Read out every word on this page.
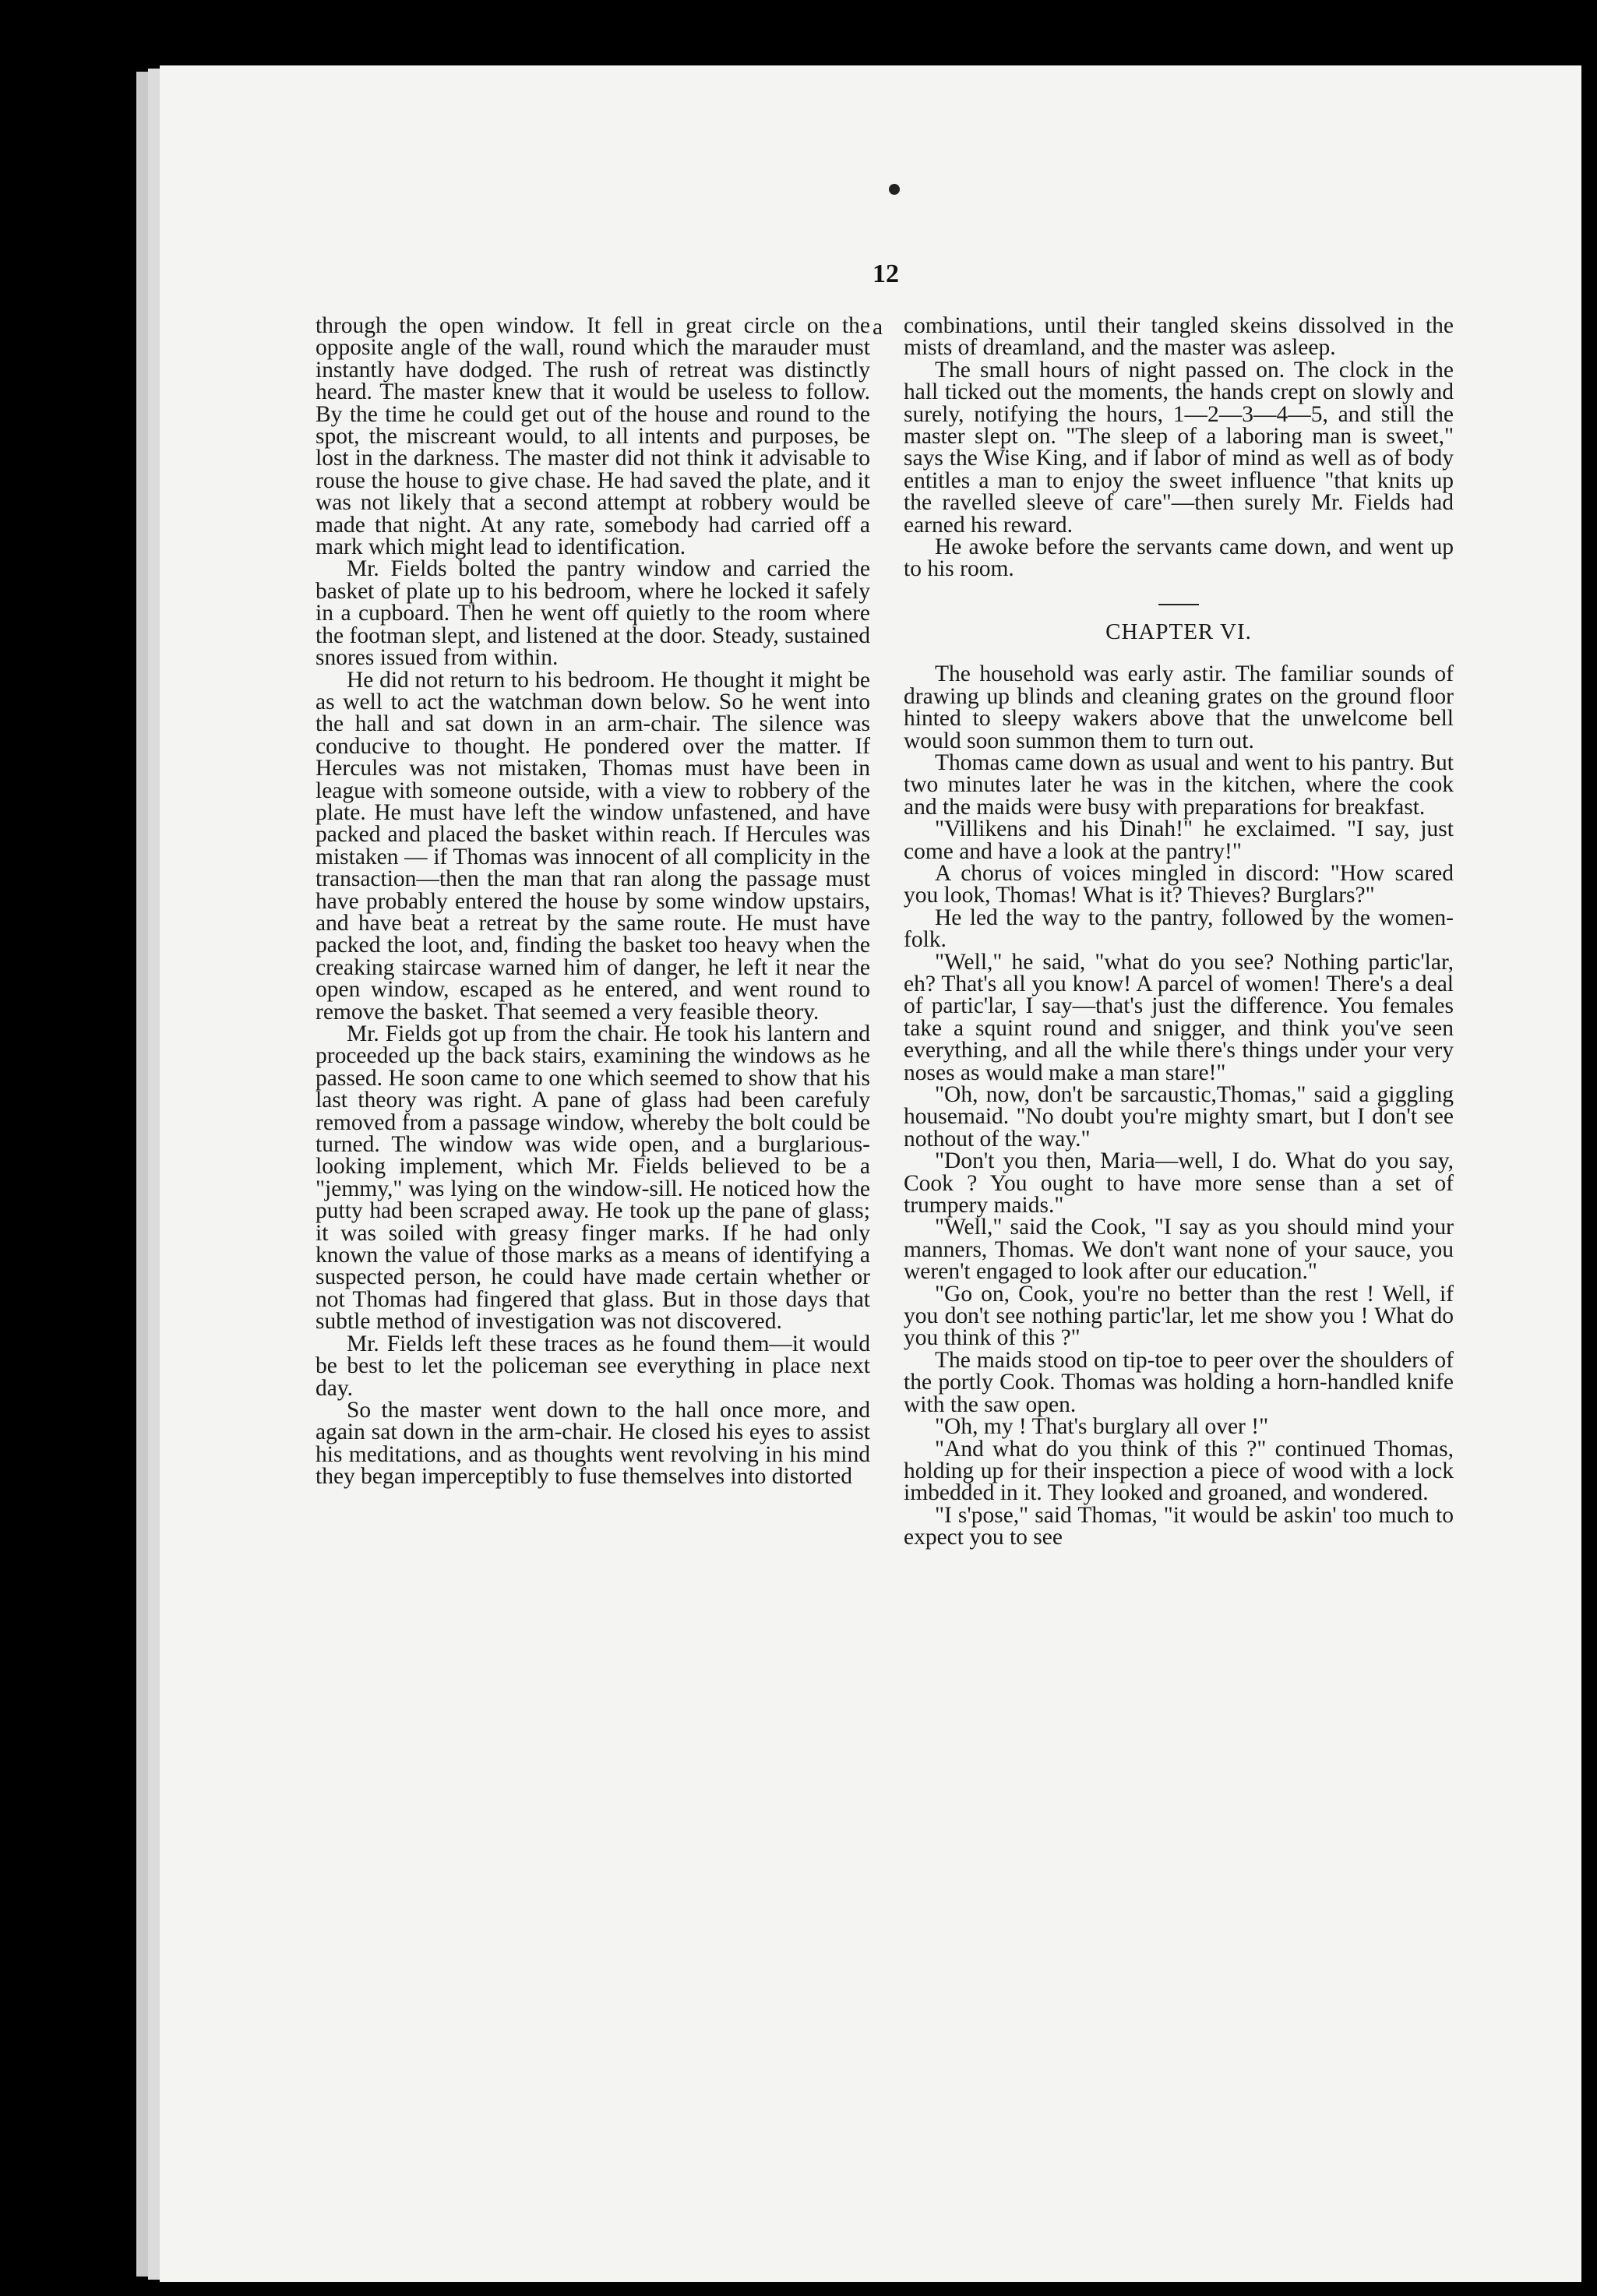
12

through the open window. It fell in great circle on the opposite angle of the wall, round which the marauder must instantly have dodged. The rush of retreat was distinctly heard. The master knew that it would be useless to follow. By the time he could get out of the house and round to the spot, the miscreant would, to all intents and purposes, be lost in the darkness. The master did not think it advisable to rouse the house to give chase. He had saved the plate, and it was not likely that a second attempt at robbery would be made that night. At any rate, somebody had carried off a mark which might lead to identification.

Mr. Fields bolted the pantry window and carried the basket of plate up to his bedroom, where he locked it safely in a cupboard. Then he went off quietly to the room where the footman slept, and listened at the door. Steady, sustained snores issued from within.

He did not return to his bedroom. He thought it might be as well to act the watchman down below. So he went into the hall and sat down in an arm-chair. The silence was conducive to thought. He pondered over the matter. If Hercules was not mistaken, Thomas must have been in league with someone outside, with a view to robbery of the plate. He must have left the window unfastened, and have packed and placed the basket within reach. If Hercules was mistaken — if Thomas was innocent of all complicity in the transaction—then the man that ran along the passage must have probably entered the house by some window upstairs, and have beat a retreat by the same route. He must have packed the loot, and, finding the basket too heavy when the creaking staircase warned him of danger, he left it near the open window, escaped as he entered, and went round to remove the basket. That seemed a very feasible theory.

Mr. Fields got up from the chair. He took his lantern and proceeded up the back stairs, examining the windows as he passed. He soon came to one which seemed to show that his last theory was right. A pane of glass had been carefuly removed from a passage window, whereby the bolt could be turned. The window was wide open, and a burglarious-looking implement, which Mr. Fields believed to be a "jemmy," was lying on the window-sill. He noticed how the putty had been scraped away. He took up the pane of glass; it was soiled with greasy finger marks. If he had only known the value of those marks as a means of identifying a suspected person, he could have made certain whether or not Thomas had fingered that glass. But in those days that subtle method of investigation was not discovered.

Mr. Fields left these traces as he found them—it would be best to let the policeman see everything in place next day.

So the master went down to the hall once more, and again sat down in the arm-chair. He closed his eyes to assist his meditations, and as thoughts went revolving in his mind they began imperceptibly to fuse themselves into distorted

a combinations, until their tangled skeins dissolved in the mists of dreamland, and the master was asleep.

The small hours of night passed on. The clock in the hall ticked out the moments, the hands crept on slowly and surely, notifying the hours, 1—2—3—4—5, and still the master slept on. "The sleep of a laboring man is sweet," says the Wise King, and if labor of mind as well as of body entitles a man to enjoy the sweet influence "that knits up the ravelled sleeve of care"—then surely Mr. Fields had earned his reward.

He awoke before the servants came down, and went up to his room.

CHAPTER VI.

The household was early astir. The familiar sounds of drawing up blinds and cleaning grates on the ground floor hinted to sleepy wakers above that the unwelcome bell would soon summon them to turn out.

Thomas came down as usual and went to his pantry. But two minutes later he was in the kitchen, where the cook and the maids were busy with preparations for breakfast.

"Villikens and his Dinah!" he exclaimed. "I say, just come and have a look at the pantry!"

A chorus of voices mingled in discord: "How scared you look, Thomas! What is it? Thieves? Burglars?"

He led the way to the pantry, followed by the women-folk.

"Well," he said, "what do you see? Nothing partic'lar, eh? That's all you know! A parcel of women! There's a deal of partic'lar, I say—that's just the difference. You females take a squint round and snigger, and think you've seen everything, and all the while there's things under your very noses as would make a man stare!"

"Oh, now, don't be sarcaustic,Thomas," said a giggling housemaid. "No doubt you're mighty smart, but I don't see nothout of the way."

"Don't you then, Maria—well, I do. What do you say, Cook ? You ought to have more sense than a set of trumpery maids."

"Well," said the Cook, "I say as you should mind your manners, Thomas. We don't want none of your sauce, you weren't engaged to look after our education."

"Go on, Cook, you're no better than the rest ! Well, if you don't see nothing partic'lar, let me show you ! What do you think of this ?"

The maids stood on tip-toe to peer over the shoulders of the portly Cook. Thomas was holding a horn-handled knife with the saw open.

"Oh, my ! That's burglary all over !"

"And what do you think of this ?" continued Thomas, holding up for their inspection a piece of wood with a lock imbedded in it. They looked and groaned, and wondered.

"I s'pose," said Thomas, "it would be askin' too much to expect you to see
